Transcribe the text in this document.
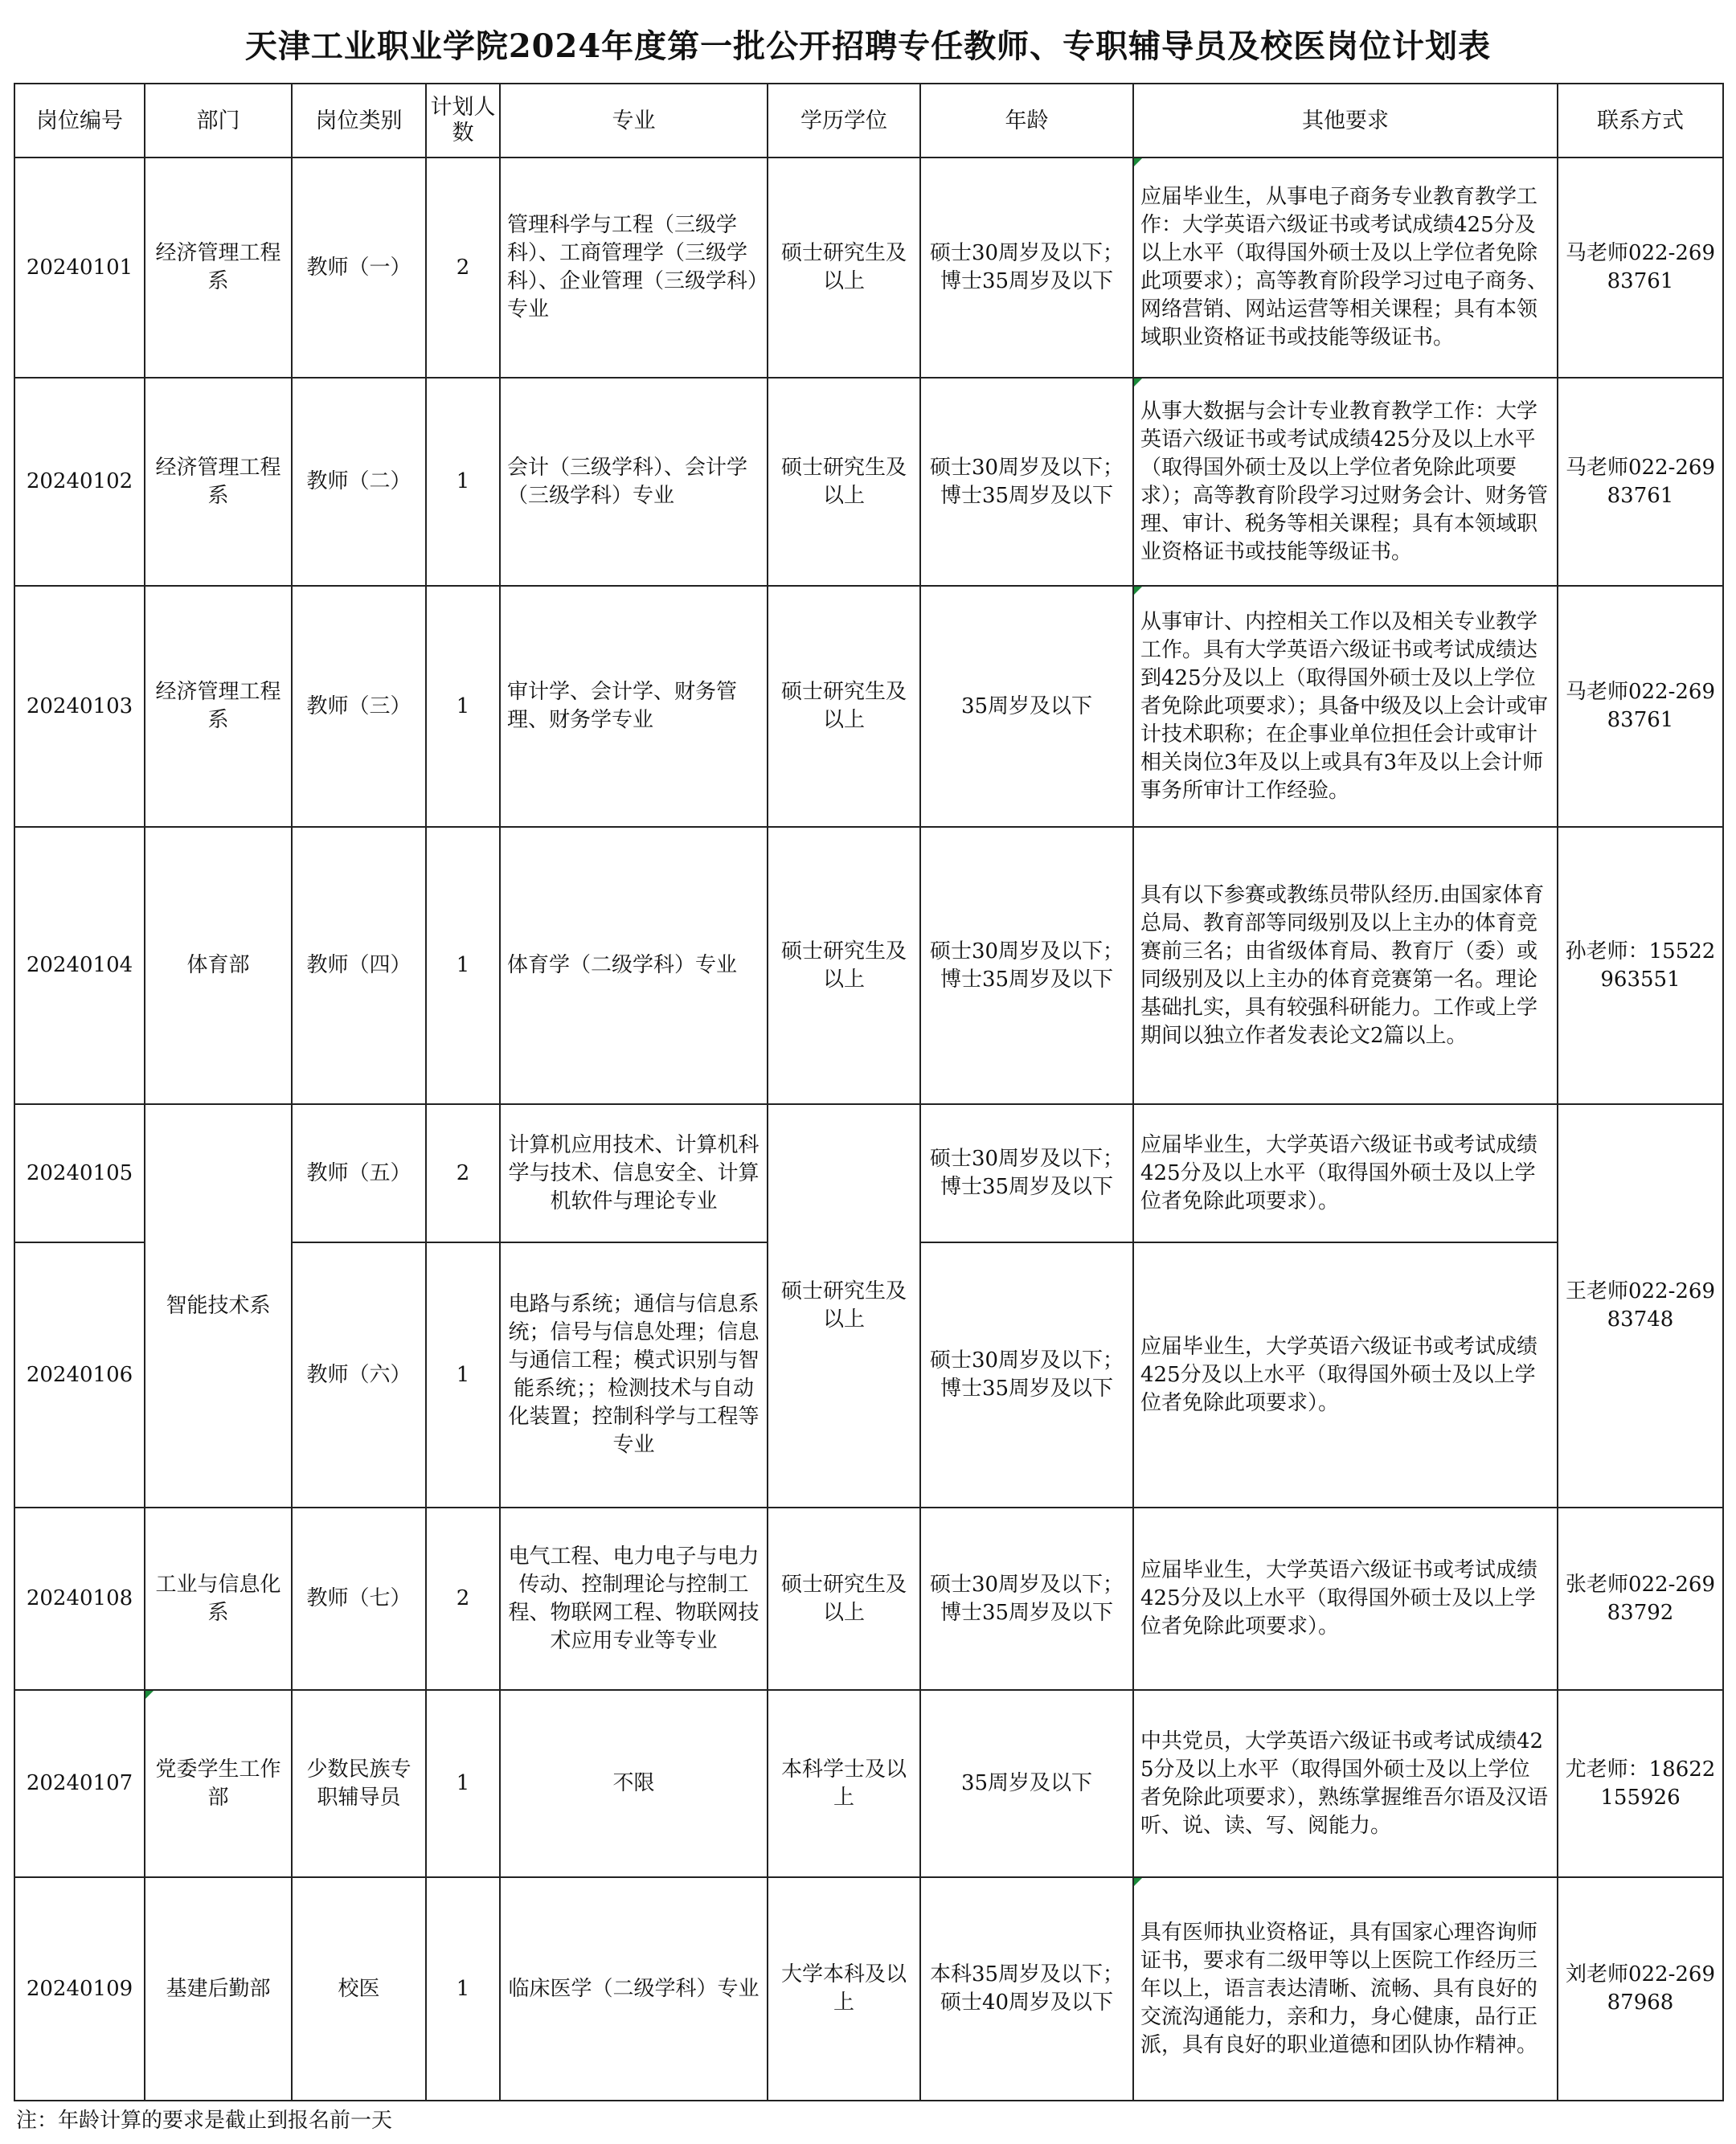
天津工业职业学院2024年度第一批公开招聘专任教师、专职辅导员及校医岗位计划表
岗位编号	部门	岗位类别	计划人数	专业	学历学位	年龄	其他要求	联系方式
20240101	经济管理工程系	教师（一）	2	管理科学与工程（三级学科）、工商管理学（三级学科）、企业管理（三级学科）专业	硕士研究生及以上	硕士30周岁及以下；博士35周岁及以下	应届毕业生，从事电子商务专业教育教学工作：大学英语六级证书或考试成绩425分及以上水平（取得国外硕士及以上学位者免除此项要求）；高等教育阶段学习过电子商务、网络营销、网站运营等相关课程；具有本领域职业资格证书或技能等级证书。	马老师022-26983761
20240102	经济管理工程系	教师（二）	1	会计（三级学科）、会计学（三级学科）专业	硕士研究生及以上	硕士30周岁及以下；博士35周岁及以下	从事大数据与会计专业教育教学工作：大学英语六级证书或考试成绩425分及以上水平（取得国外硕士及以上学位者免除此项要求）；高等教育阶段学习过财务会计、财务管理、审计、税务等相关课程；具有本领域职业资格证书或技能等级证书。	马老师022-26983761
20240103	经济管理工程系	教师（三）	1	审计学、会计学、财务管理、财务学专业	硕士研究生及以上	35周岁及以下	从事审计、内控相关工作以及相关专业教学工作。具有大学英语六级证书或考试成绩达到425分及以上（取得国外硕士及以上学位者免除此项要求）；具备中级及以上会计或审计技术职称；在企事业单位担任会计或审计相关岗位3年及以上或具有3年及以上会计师事务所审计工作经验。	马老师022-26983761
20240104	体育部	教师（四）	1	体育学（二级学科）专业	硕士研究生及以上	硕士30周岁及以下；博士35周岁及以下	具有以下参赛或教练员带队经历.由国家体育总局、教育部等同级别及以上主办的体育竞赛前三名；由省级体育局、教育厅（委）或同级别及以上主办的体育竞赛第一名。理论基础扎实，具有较强科研能力。工作或上学期间以独立作者发表论文2篇以上。	孙老师：15522963551
20240105	智能技术系	教师（五）	2	计算机应用技术、计算机科学与技术、信息安全、计算机软件与理论专业	硕士研究生及以上	硕士30周岁及以下；博士35周岁及以下	应届毕业生，大学英语六级证书或考试成绩425分及以上水平（取得国外硕士及以上学位者免除此项要求）。	王老师022-26983748
20240106		教师（六）	1	电路与系统；通信与信息系统；信号与信息处理；信息与通信工程；模式识别与智能系统；；检测技术与自动化装置；控制科学与工程等专业		硕士30周岁及以下；博士35周岁及以下	应届毕业生，大学英语六级证书或考试成绩425分及以上水平（取得国外硕士及以上学位者免除此项要求）。	
20240108	工业与信息化系	教师（七）	2	电气工程、电力电子与电力传动、控制理论与控制工程、物联网工程、物联网技术应用专业等专业	硕士研究生及以上	硕士30周岁及以下；博士35周岁及以下	应届毕业生，大学英语六级证书或考试成绩425分及以上水平（取得国外硕士及以上学位者免除此项要求）。	张老师022-26983792
20240107	党委学生工作部	少数民族专职辅导员	1	不限	本科学士及以上	35周岁及以下	中共党员，大学英语六级证书或考试成绩425分及以上水平（取得国外硕士及以上学位者免除此项要求），熟练掌握维吾尔语及汉语听、说、读、写、阅能力。	尤老师：18622155926
20240109	基建后勤部	校医	1	临床医学（二级学科）专业	大学本科及以上	本科35周岁及以下；硕士40周岁及以下	具有医师执业资格证，具有国家心理咨询师证书，要求有二级甲等以上医院工作经历三年以上，语言表达清晰、流畅、具有良好的交流沟通能力，亲和力，身心健康，品行正派，具有良好的职业道德和团队协作精神。	刘老师022-26987968
注：年龄计算的要求是截止到报名前一天
